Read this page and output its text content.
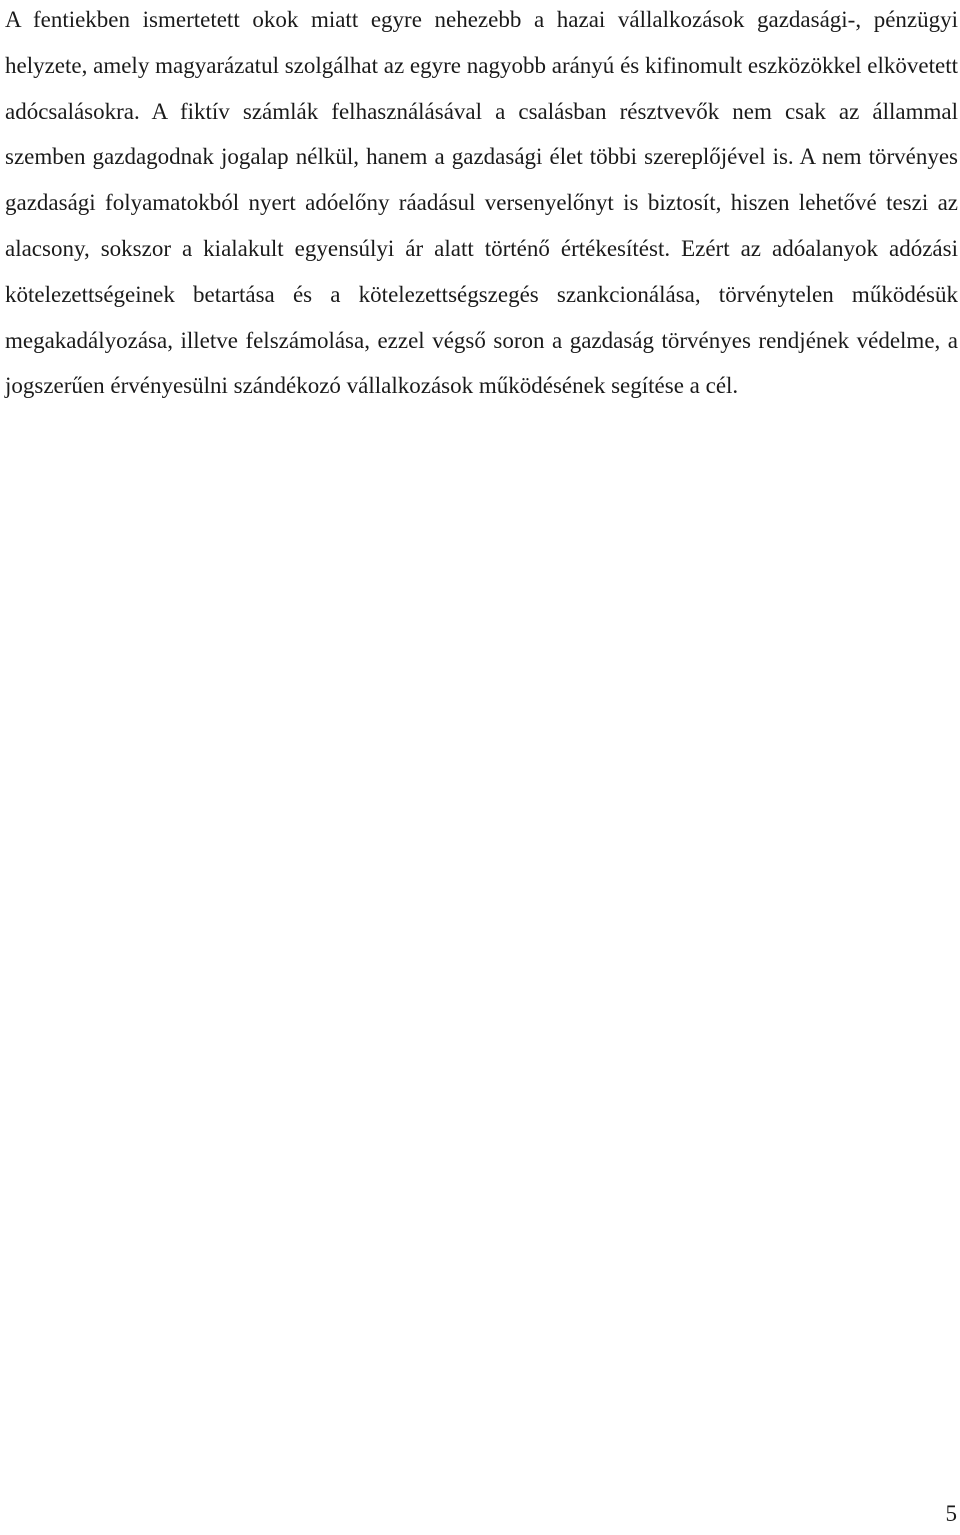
A fentiekben ismertetett okok miatt egyre nehezebb a hazai vállalkozások gazdasági-, pénzügyi helyzete, amely magyarázatul szolgálhat az egyre nagyobb arányú és kifinomult eszközökkel elkövetett adócsalásokra. A fiktív számlák felhasználásával a csalásban résztvevők nem csak az állammal szemben gazdagodnak jogalap nélkül, hanem a gazdasági élet többi szereplőjével is. A nem törvényes gazdasági folyamatokból nyert adóelőny ráadásul versenyelőnyt is biztosít, hiszen lehetővé teszi az alacsony, sokszor a kialakult egyensúlyi ár alatt történő értékesítést. Ezért az adóalanyok adózási kötelezettségeinek betartása és a kötelezettségszegés szankcionálása, törvénytelen működésük megakadályozása, illetve felszámolása, ezzel végső soron a gazdaság törvényes rendjének védelme, a jogszerűen érvényesülni szándékozó vállalkozások működésének segítése a cél.

5
